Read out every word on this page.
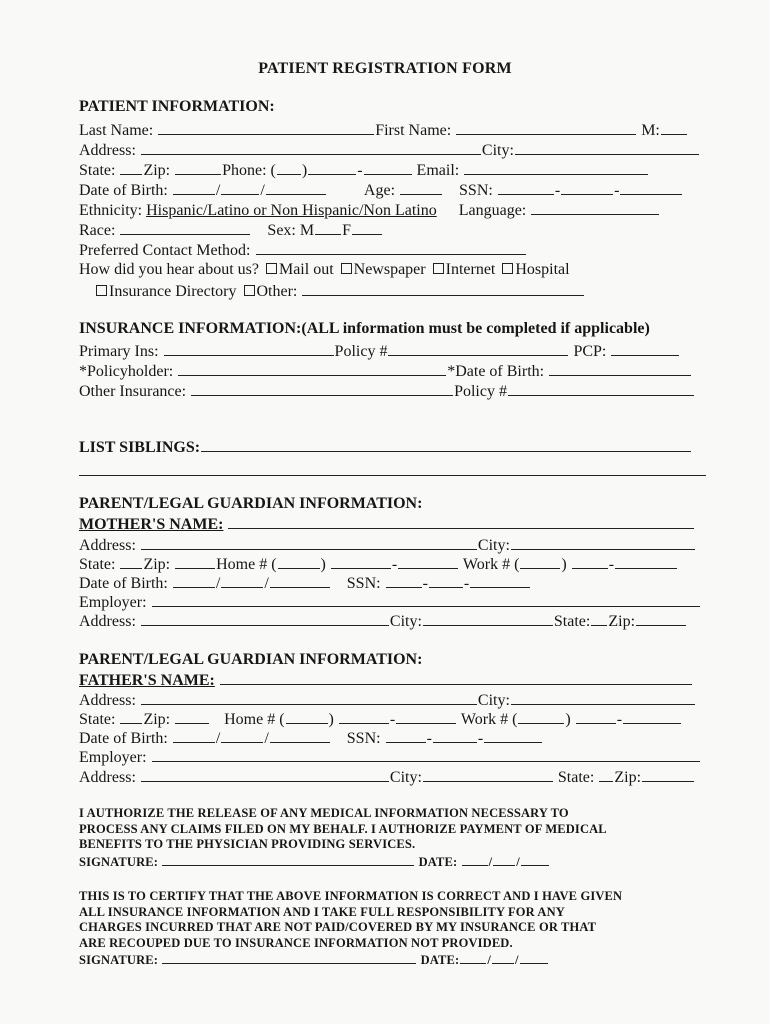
PATIENT REGISTRATION FORM
PATIENT INFORMATION:
Last Name:	First Name:	M:
Address:	City:
State: Zip:	Phone: ( )	-	Email:
Date of Birth:	/	/	Age:	SSN:	-	-
Ethnicity: Hispanic/Latino or Non Hispanic/Non Latino Language:
Race:	Sex: M F
Preferred Contact Method:
How did you hear about us? Mail out Newspaper Internet Hospital
Insurance Directory Other:
INSURANCE INFORMATION:(ALL information must be completed if applicable)
Primary Ins:	Policy #	PCP:
*Policyholder:	*Date of Birth:
Other Insurance:	Policy #
LIST SIBLINGS:
PARENT/LEGAL GUARDIAN INFORMATION:
MOTHER'S NAME:
Address:	City:
State: Zip:	Home # (	)	-	Work # (	)	-
Date of Birth:	/	/	SSN:	- -
Employer:
Address:	City:	State: Zip:
PARENT/LEGAL GUARDIAN INFORMATION:
FATHER'S NAME:
Address:	City:
State: Zip:	Home # (	)	-	Work # (	)	-
Date of Birth:	/	/	SSN:	-	-
Employer:
Address:	City:	State: Zip:
I AUTHORIZE THE RELEASE OF ANY MEDICAL INFORMATION NECESSARY TO
PROCESS ANY CLAIMS FILED ON MY BEHALF. I AUTHORIZE PAYMENT OF MEDICAL
BENEFITS TO THE PHYSICIAN PROVIDING SERVICES.
SIGNATURE:	DATE:	/ /
THIS IS TO CERTIFY THAT THE ABOVE INFORMATION IS CORRECT AND I HAVE GIVEN
ALL INSURANCE INFORMATION AND I TAKE FULL RESPONSIBILITY FOR ANY
CHARGES INCURRED THAT ARE NOT PAID/COVERED BY MY INSURANCE OR THAT
ARE RECOUPED DUE TO INSURANCE INFORMATION NOT PROVIDED.
SIGNATURE:	DATE: / /
